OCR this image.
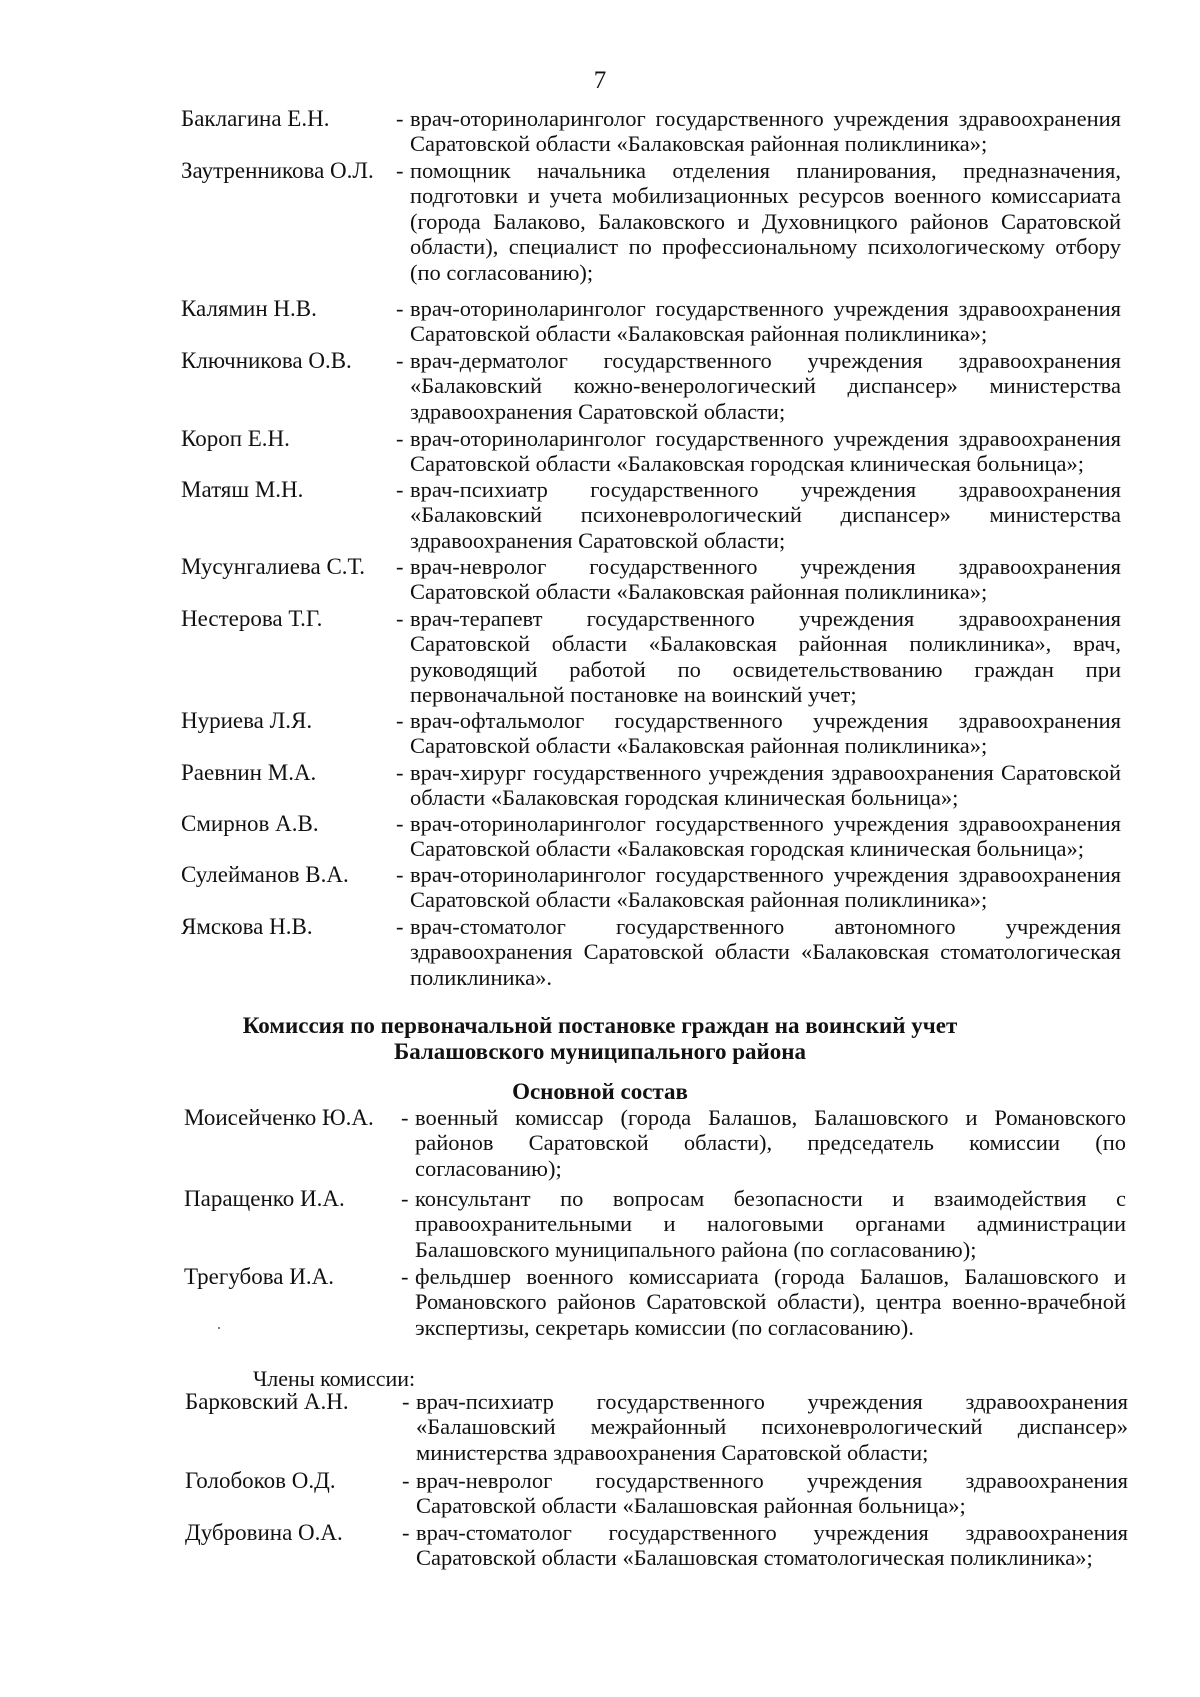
7
Баклагина Е.Н.	- врач-оториноларинголог государственного учреждения здравоохранения Саратовской области «Балаковская районная поликлиника»;
Заутренникова О.Л. - помощник начальника отделения планирования, предназначения, подготовки и учета мобилизационных ресурсов военного комиссариата (города Балаково, Балаковского и Духовницкого районов Саратовской области), специалист по профессиональному психологическому отбору (по согласованию);
Калямин Н.В.	- врач-оториноларинголог государственного учреждения здравоохранения Саратовской области «Балаковская районная поликлиника»;
Ключникова О.В. - врач-дерматолог государственного учреждения здравоохранения «Балаковский кожно-венерологический диспансер» министерства здравоохранения Саратовской области;
Короп Е.Н.	- врач-оториноларинголог государственного учреждения здравоохранения Саратовской области «Балаковская городская клиническая больница»;
Матяш М.Н.	- врач-психиатр государственного учреждения здравоохранения «Балаковский психоневрологический диспансер» министерства здравоохранения Саратовской области;
Мусунгалиева С.Т. - врач-невролог государственного учреждения здравоохранения Саратовской области «Балаковская районная поликлиника»;
Нестерова Т.Г.	- врач-терапевт государственного учреждения здравоохранения Саратовской области «Балаковская районная поликлиника», врач, руководящий работой по освидетельствованию граждан при первоначальной постановке на воинский учет;
Нуриева Л.Я.	- врач-офтальмолог государственного учреждения здравоохранения Саратовской области «Балаковская районная поликлиника»;
Раевнин М.А.	- врач-хирург государственного учреждения здравоохранения Саратовской области «Балаковская городская клиническая больница»;
Смирнов А.В.	- врач-оториноларинголог государственного учреждения здравоохранения Саратовской области «Балаковская городская клиническая больница»;
Сулейманов В.А. - врач-оториноларинголог государственного учреждения здравоохранения Саратовской области «Балаковская районная поликлиника»;
Ямскова Н.В.	- врач-стоматолог государственного автономного учреждения здравоохранения Саратовской области «Балаковская стоматологическая поликлиника».
Комиссия по первоначальной постановке граждан на воинский учет
Балашовского муниципального района
Основной состав
Моисейченко Ю.А. - военный комиссар (города Балашов, Балашовского и Романовского районов Саратовской области), председатель комиссии (по согласованию);
Паращенко И.А.	- консультант по вопросам безопасности и взаимодействия с правоохранительными и налоговыми органами администрации Балашовского муниципального района (по согласованию);
Трегубова И.А.	- фельдшер военного комиссариата (города Балашов, Балашовского и Романовского районов Саратовской области), центра военно-врачебной экспертизы, секретарь комиссии (по согласованию).
Члены комиссии:
Барковский А.Н. - врач-психиатр государственного учреждения здравоохранения «Балашовский межрайонный психоневрологический диспансер» министерства здравоохранения Саратовской области;
Голобоков О.Д.	- врач-невролог государственного учреждения здравоохранения Саратовской области «Балашовская районная больница»;
Дубровина О.А.	- врач-стоматолог государственного учреждения здравоохранения Саратовской области «Балашовская стоматологическая поликлиника»;
